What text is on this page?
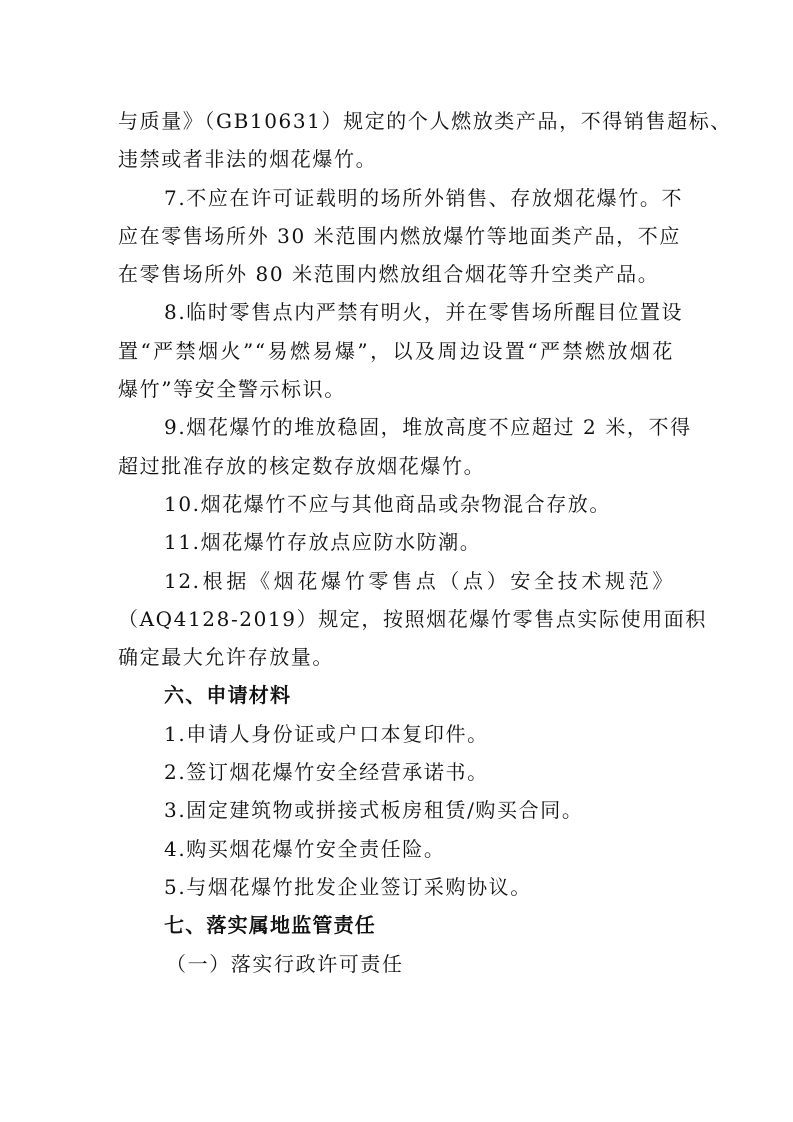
与质量》（GB10631）规定的个人燃放类产品，不得销售超标、
违禁或者非法的烟花爆竹。
7.不应在许可证载明的场所外销售、存放烟花爆竹。不
应在零售场所外 30 米范围内燃放爆竹等地面类产品，不应
在零售场所外 80 米范围内燃放组合烟花等升空类产品。
8.临时零售点内严禁有明火，并在零售场所醒目位置设
置“严禁烟火”“易燃易爆”，以及周边设置“严禁燃放烟花
爆竹”等安全警示标识。
9.烟花爆竹的堆放稳固，堆放高度不应超过 2 米，不得
超过批准存放的核定数存放烟花爆竹。
10.烟花爆竹不应与其他商品或杂物混合存放。
11.烟花爆竹存放点应防水防潮。
12.根据《烟花爆竹零售点（点）安全技术规范》
（AQ4128-2019）规定，按照烟花爆竹零售点实际使用面积
确定最大允许存放量。
六、申请材料
1.申请人身份证或户口本复印件。
2.签订烟花爆竹安全经营承诺书。
3.固定建筑物或拼接式板房租赁/购买合同。
4.购买烟花爆竹安全责任险。
5.与烟花爆竹批发企业签订采购协议。
七、落实属地监管责任
（一）落实行政许可责任
